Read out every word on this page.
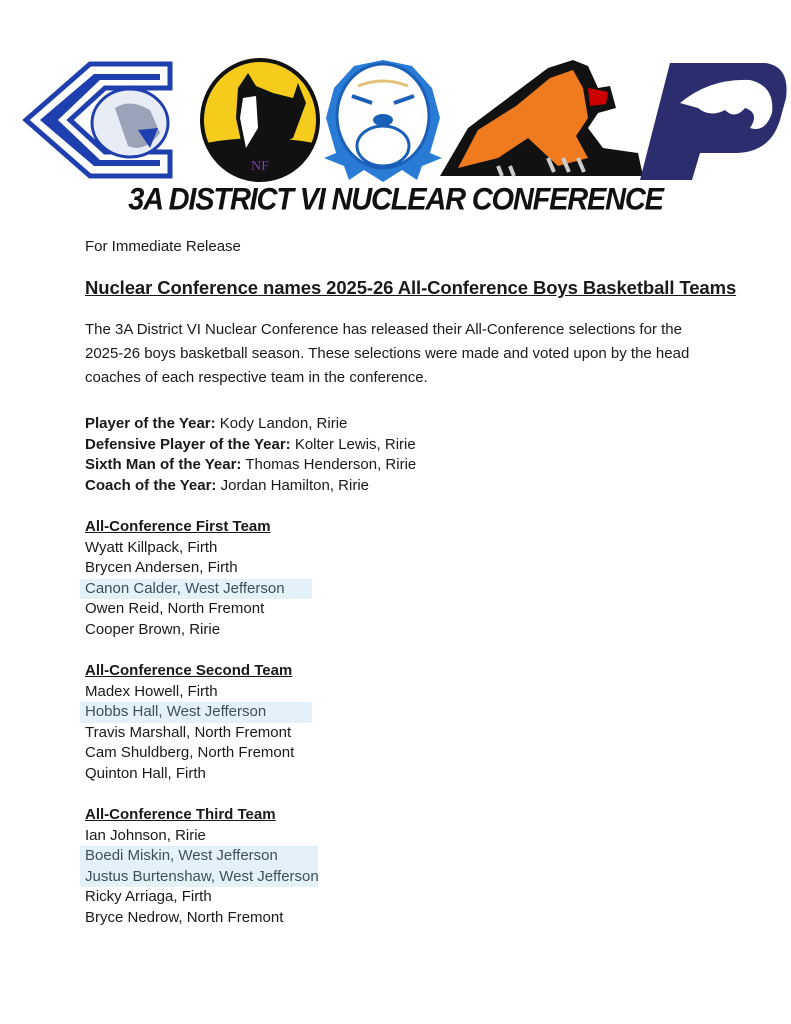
NF
3A DISTRICT VI NUCLEAR CONFERENCE
For Immediate Release
Nuclear Conference names 2025-26 All-Conference Boys Basketball Teams
The 3A District VI Nuclear Conference has released their All-Conference selections for the
2025-26 boys basketball season. These selections were made and voted upon by the head
coaches of each respective team in the conference.
Player of the Year: Kody Landon, Ririe
Defensive Player of the Year: Kolter Lewis, Ririe
Sixth Man of the Year: Thomas Henderson, Ririe
Coach of the Year: Jordan Hamilton, Ririe
All-Conference First Team
Wyatt Killpack, Firth
Brycen Andersen, Firth
Canon Calder, West Jefferson
Owen Reid, North Fremont
Cooper Brown, Ririe
All-Conference Second Team
Madex Howell, Firth
Hobbs Hall, West Jefferson
Travis Marshall, North Fremont
Cam Shuldberg, North Fremont
Quinton Hall, Firth
All-Conference Third Team
Ian Johnson, Ririe
Boedi Miskin, West Jefferson
Justus Burtenshaw, West Jefferson
Ricky Arriaga, Firth
Bryce Nedrow, North Fremont
